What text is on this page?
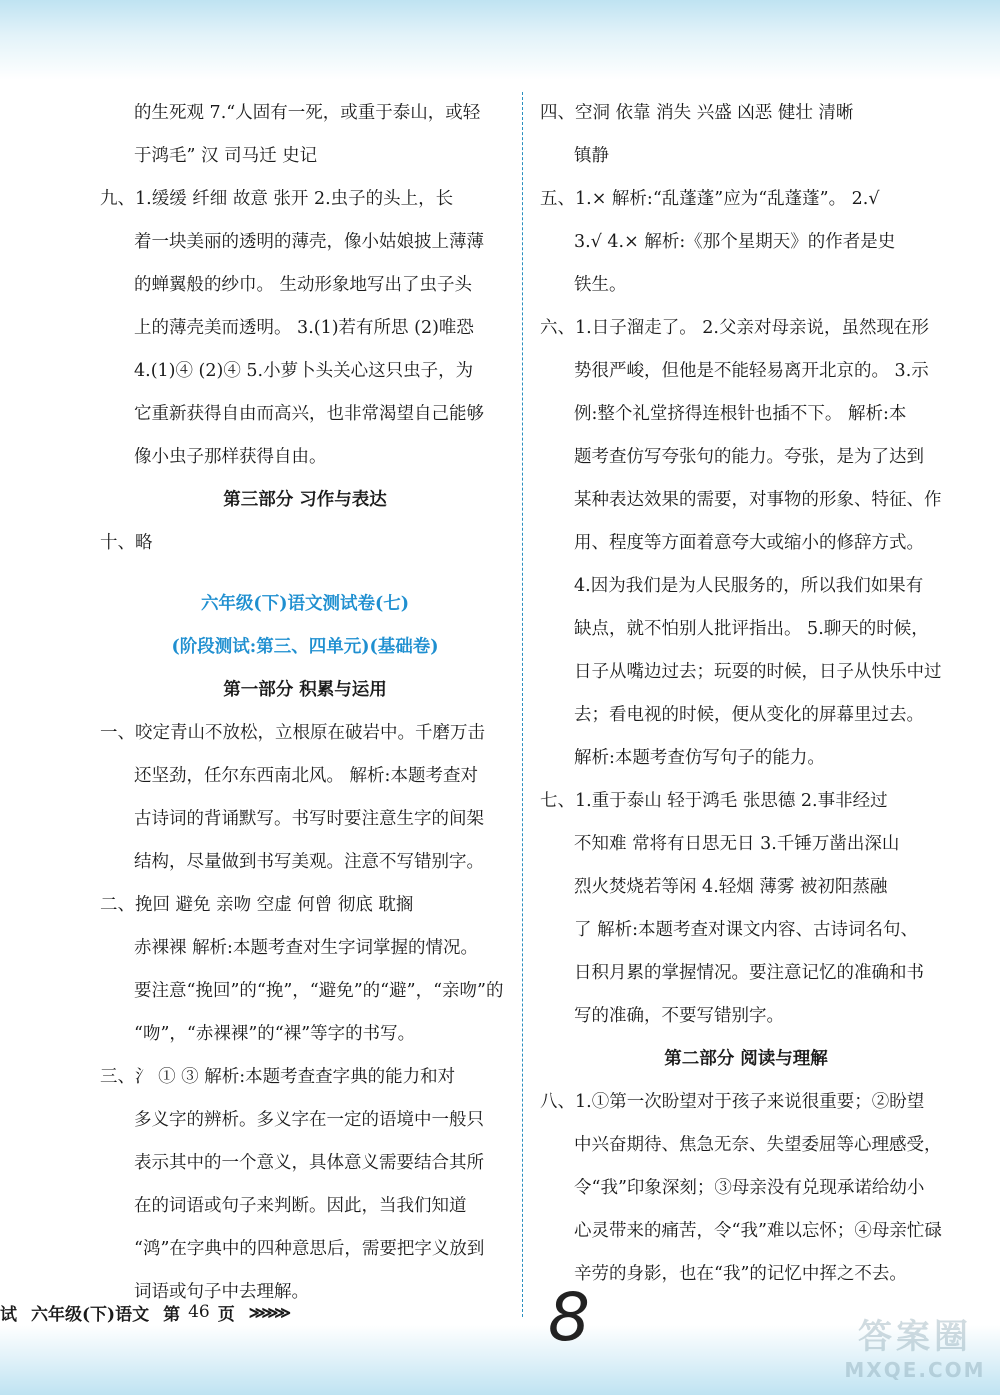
的生死观 7.“人固有一死，或重于泰山，或轻
于鸿毛” 汉 司马迁 史记
九、1.缓缓 纤细 故意 张开 2.虫子的头上，长
着一块美丽的透明的薄壳，像小姑娘披上薄薄
的蝉翼般的纱巾。 生动形象地写出了虫子头
上的薄壳美而透明。 3.(1)若有所思 (2)唯恐
4.(1)④ (2)④ 5.小萝卜头关心这只虫子，为
它重新获得自由而高兴，也非常渴望自己能够
像小虫子那样获得自由。
第三部分 习作与表达
十、略
六年级(下)语文测试卷(七)
(阶段测试:第三、四单元)(基础卷)
第一部分 积累与运用
一、咬定青山不放松，立根原在破岩中。千磨万击
还坚劲，任尔东西南北风。 解析:本题考查对
古诗词的背诵默写。书写时要注意生字的间架
结构，尽量做到书写美观。注意不写错别字。
二、挽回 避免 亲吻 空虚 何曾 彻底 耽搁
赤裸裸 解析:本题考查对生字词掌握的情况。
要注意“挽回”的“挽”，“避免”的“避”，“亲吻”的
“吻”，“赤裸裸”的“裸”等字的书写。
三、氵 ① ③ 解析:本题考查查字典的能力和对
多义字的辨析。多义字在一定的语境中一般只
表示其中的一个意义，具体意义需要结合其所
在的词语或句子来判断。因此，当我们知道
“鸿”在字典中的四种意思后，需要把字义放到
词语或句子中去理解。
四、空洞 依靠 消失 兴盛 凶恶 健壮 清晰
镇静
五、1.× 解析:“乱蓬蓬”应为“乱蓬蓬”。 2.√
3.√ 4.× 解析:《那个星期天》的作者是史
铁生。
六、1.日子溜走了。 2.父亲对母亲说，虽然现在形
势很严峻，但他是不能轻易离开北京的。 3.示
例:整个礼堂挤得连根针也插不下。 解析:本
题考查仿写夸张句的能力。夸张，是为了达到
某种表达效果的需要，对事物的形象、特征、作
用、程度等方面着意夸大或缩小的修辞方式。
4.因为我们是为人民服务的，所以我们如果有
缺点，就不怕别人批评指出。 5.聊天的时候，
日子从嘴边过去；玩耍的时候，日子从快乐中过
去；看电视的时候，便从变化的屏幕里过去。
解析:本题考查仿写句子的能力。
七、1.重于泰山 轻于鸿毛 张思德 2.事非经过
不知难 常将有日思无日 3.千锤万凿出深山
烈火焚烧若等闲 4.轻烟 薄雾 被初阳蒸融
了 解析:本题考查对课文内容、古诗词名句、
日积月累的掌握情况。要注意记忆的准确和书
写的准确，不要写错别字。
第二部分 阅读与理解
八、1.①第一次盼望对于孩子来说很重要；②盼望
中兴奋期待、焦急无奈、失望委屈等心理感受，
令“我”印象深刻；③母亲没有兑现承诺给幼小
心灵带来的痛苦，令“我”难以忘怀；④母亲忙碌
辛劳的身影，也在“我”的记忆中挥之不去。
试 六年级(下)语文 第 46 页 ≫≫≫	8	答案圈
MXQE.COM
